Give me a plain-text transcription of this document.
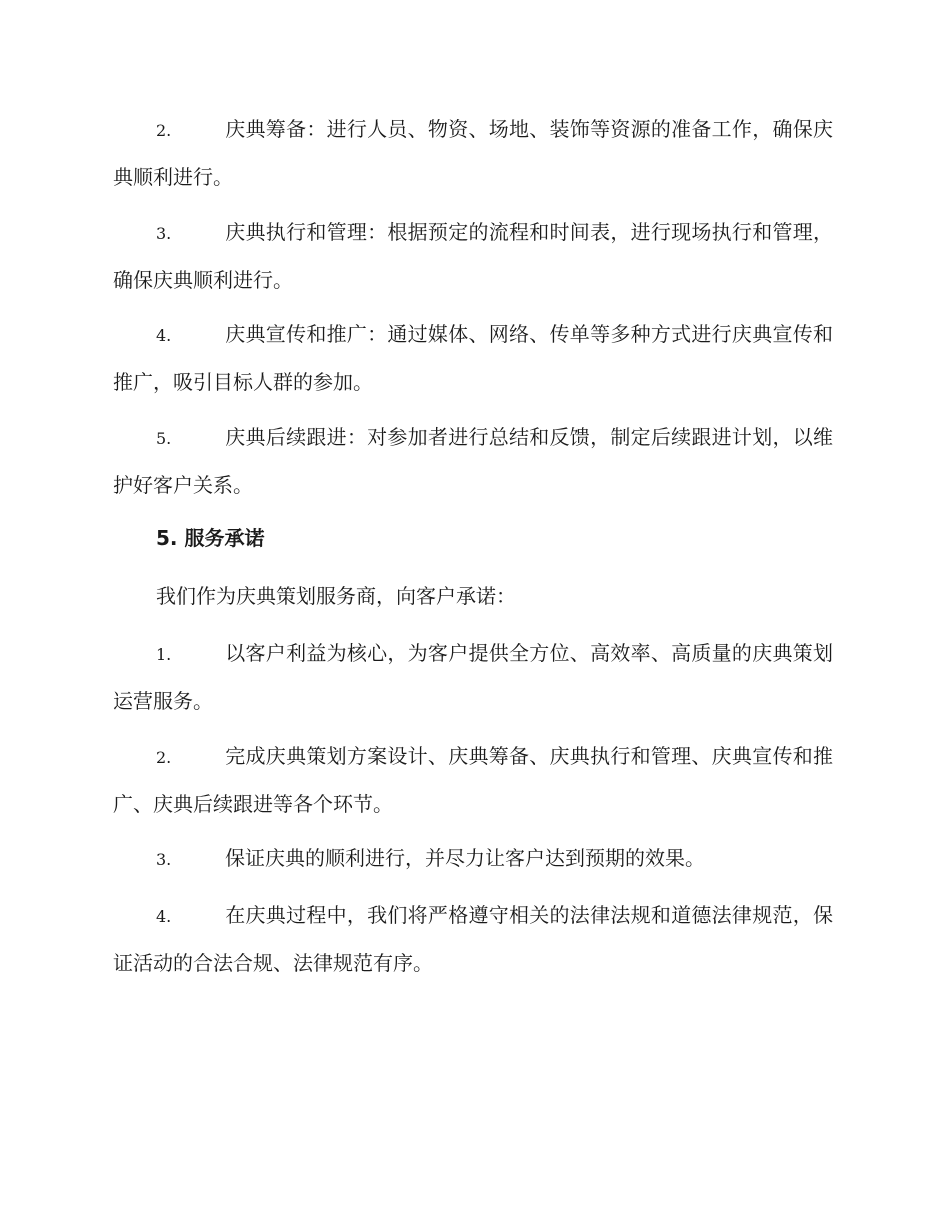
2.	庆典筹备：进行人员、物资、场地、装饰等资源的准备工作，确保庆典顺利进行。

3.	庆典执行和管理：根据预定的流程和时间表，进行现场执行和管理，确保庆典顺利进行。

4.	庆典宣传和推广：通过媒体、网络、传单等多种方式进行庆典宣传和推广，吸引目标人群的参加。

5.	庆典后续跟进：对参加者进行总结和反馈，制定后续跟进计划，以维护好客户关系。

5. 服务承诺

我们作为庆典策划服务商，向客户承诺：

1.	以客户利益为核心，为客户提供全方位、高效率、高质量的庆典策划运营服务。

2.	完成庆典策划方案设计、庆典筹备、庆典执行和管理、庆典宣传和推广、庆典后续跟进等各个环节。

3.	保证庆典的顺利进行，并尽力让客户达到预期的效果。

4.	在庆典过程中，我们将严格遵守相关的法律法规和道德法律规范，保证活动的合法合规、法律规范有序。
